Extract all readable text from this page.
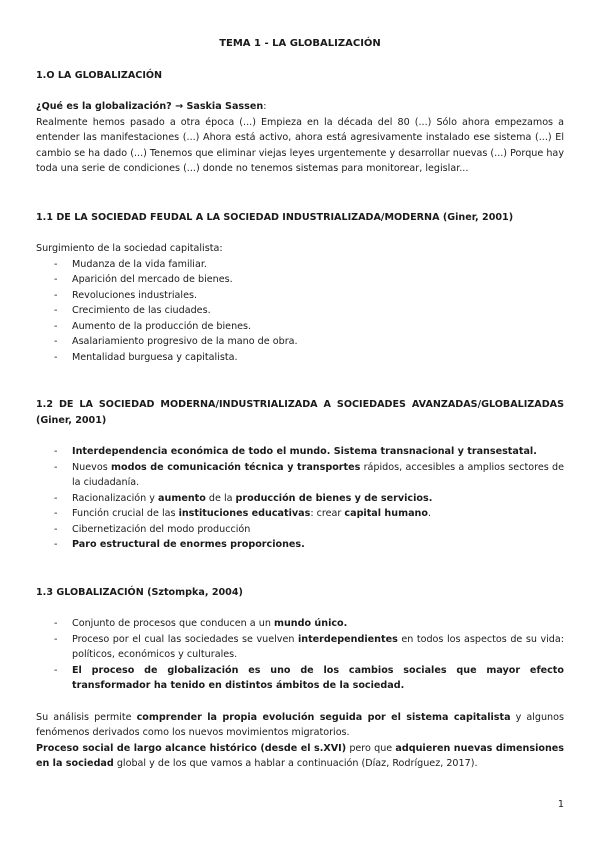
TEMA 1 - LA GLOBALIZACIÓN

1.O LA GLOBALIZACIÓN

¿Qué es la globalización? → Saskia Sassen:

Realmente hemos pasado a otra época (...) Empieza en la década del 80 (...) Sólo ahora empezamos a entender las manifestaciones (...) Ahora está activo, ahora está agresivamente instalado ese sistema (...) El cambio se ha dado (...) Tenemos que eliminar viejas leyes urgentemente y desarrollar nuevas (...) Porque hay toda una serie de condiciones (...) donde no tenemos sistemas para monitorear, legislar...

1.1 DE LA SOCIEDAD FEUDAL A LA SOCIEDAD INDUSTRIALIZADA/MODERNA (Giner, 2001)

Surgimiento de la sociedad capitalista:

- Mudanza de la vida familiar.
- Aparición del mercado de bienes.
- Revoluciones industriales.
- Crecimiento de las ciudades.
- Aumento de la producción de bienes.
- Asalariamiento progresivo de la mano de obra.
- Mentalidad burguesa y capitalista.

1.2 DE LA SOCIEDAD MODERNA/INDUSTRIALIZADA A SOCIEDADES AVANZADAS/GLOBALIZADAS (Giner, 2001)

- Interdependencia económica de todo el mundo. Sistema transnacional y transestatal.
- Nuevos modos de comunicación técnica y transportes rápidos, accesibles a amplios sectores de la ciudadanía.
- Racionalización y aumento de la producción de bienes y de servicios.
- Función crucial de las instituciones educativas: crear capital humano.
- Cibernetización del modo producción
- Paro estructural de enormes proporciones.

1.3 GLOBALIZACIÓN (Sztompka, 2004)

- Conjunto de procesos que conducen a un mundo único.
- Proceso por el cual las sociedades se vuelven interdependientes en todos los aspectos de su vida: políticos, económicos y culturales.
- El proceso de globalización es uno de los cambios sociales que mayor efecto transformador ha tenido en distintos ámbitos de la sociedad.

Su análisis permite comprender la propia evolución seguida por el sistema capitalista y algunos fenómenos derivados como los nuevos movimientos migratorios.

Proceso social de largo alcance histórico (desde el s.XVI) pero que adquieren nuevas dimensiones en la sociedad global y de los que vamos a hablar a continuación (Díaz, Rodríguez, 2017).

1
